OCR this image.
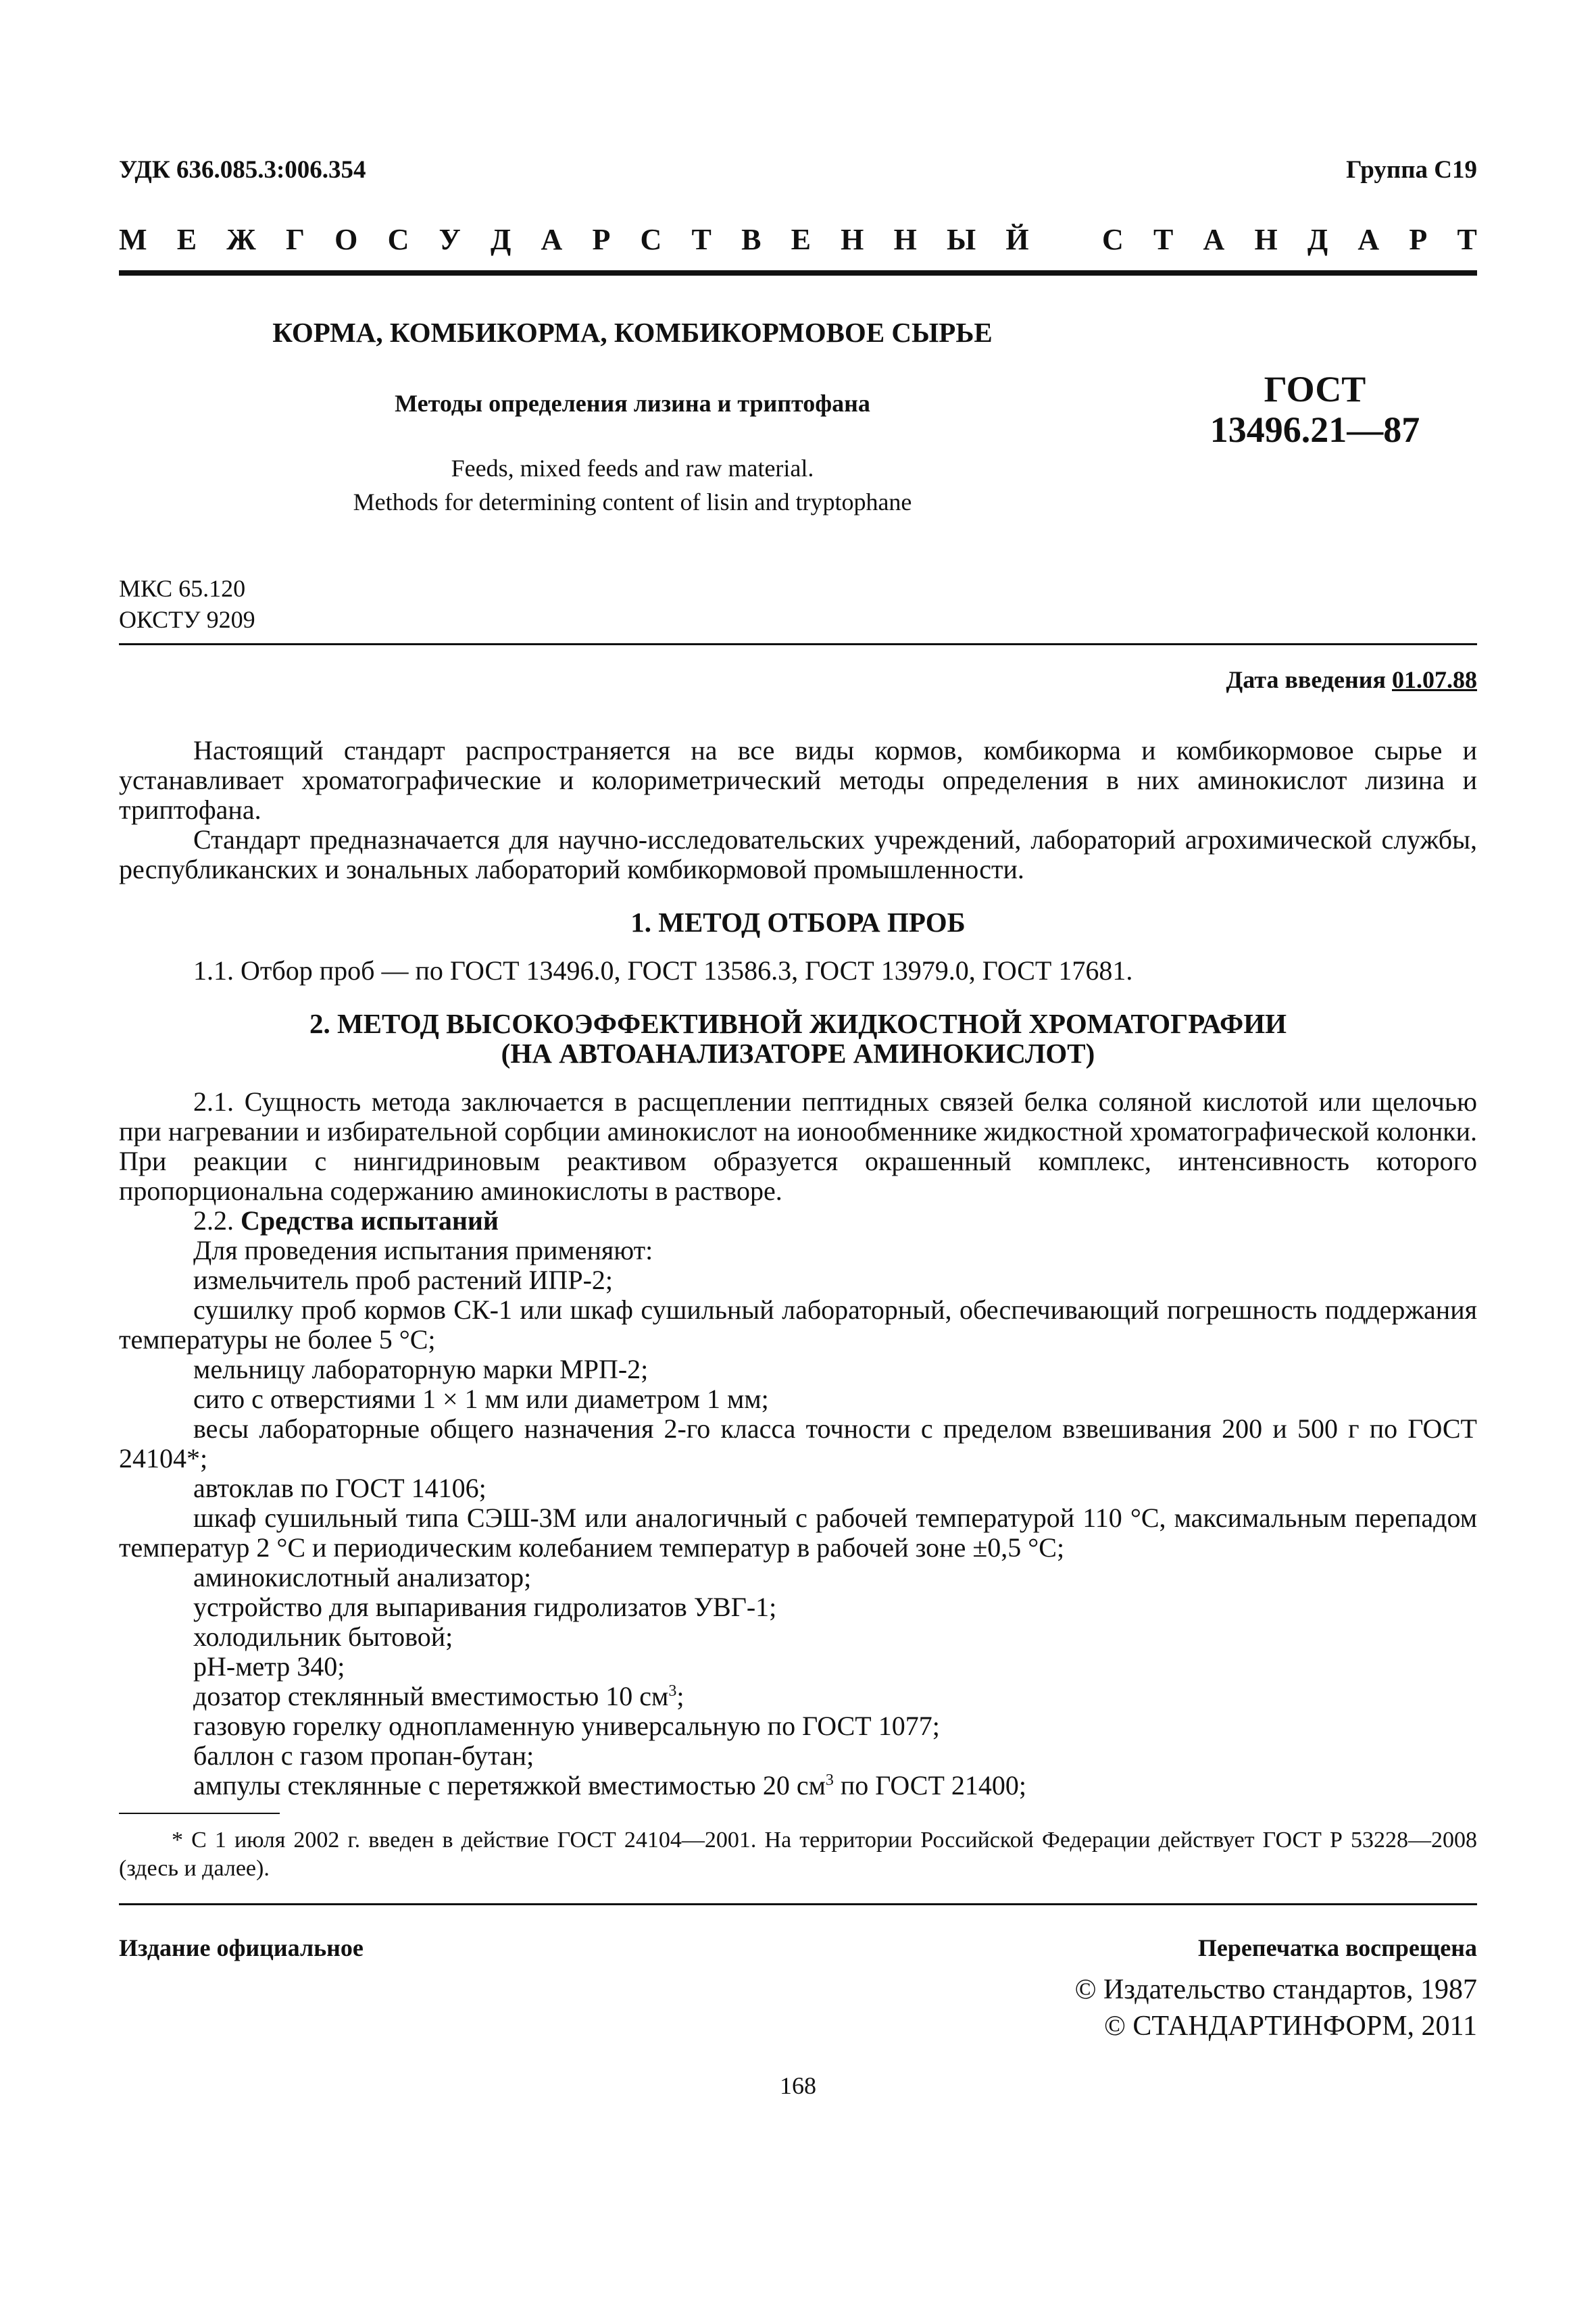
УДК 636.085.3:006.354	Группа С19
М Е Ж Г О С У Д А Р С Т В Е Н Н Ы Й С Т А Н Д А Р Т
КОРМА, КОМБИКОРМА, КОМБИКОРМОВОЕ СЫРЬЕ
Методы определения лизина и триптофана
Feeds, mixed feeds and raw material.
Methods for determining content of lisin and tryptophane
ГОСТ
13496.21—87
МКС 65.120
ОКСТУ 9209
Дата введения 01.07.88

Настоящий стандарт распространяется на все виды кормов, комбикорма и комбикормовое сырье и устанавливает хроматографические и колориметрический методы определения в них аминокислот лизина и триптофана.

Стандарт предназначается для научно-исследовательских учреждений, лабораторий агрохимической службы, республиканских и зональных лабораторий комбикормовой промышленности.

1. МЕТОД ОТБОРА ПРОБ

1.1. Отбор проб — по ГОСТ 13496.0, ГОСТ 13586.3, ГОСТ 13979.0, ГОСТ 17681.

2. МЕТОД ВЫСОКОЭФФЕКТИВНОЙ ЖИДКОСТНОЙ ХРОМАТОГРАФИИ
(НА АВТОАНАЛИЗАТОРЕ АМИНОКИСЛОТ)

2.1. Сущность метода заключается в расщеплении пептидных связей белка соляной кислотой или щелочью при нагревании и избирательной сорбции аминокислот на ионообменнике жидкостной хроматографической колонки. При реакции с нингидриновым реактивом образуется окрашенный комплекс, интенсивность которого пропорциональна содержанию аминокислоты в растворе.

2.2. Средства испытаний

Для проведения испытания применяют:

измельчитель проб растений ИПР-2;

сушилку проб кормов СК-1 или шкаф сушильный лабораторный, обеспечивающий погрешность поддержания температуры не более 5 °С;

мельницу лабораторную марки МРП-2;

сито с отверстиями 1 × 1 мм или диаметром 1 мм;

весы лабораторные общего назначения 2-го класса точности с пределом взвешивания 200 и 500 г по ГОСТ 24104*;

автоклав по ГОСТ 14106;

шкаф сушильный типа СЭШ-3М или аналогичный с рабочей температурой 110 °С, максимальным перепадом температур 2 °С и периодическим колебанием температур в рабочей зоне ±0,5 °С;

аминокислотный анализатор;

устройство для выпаривания гидролизатов УВГ-1;

холодильник бытовой;

рН-метр 340;

дозатор стеклянный вместимостью 10 $см^3$;

газовую горелку однопламенную универсальную по ГОСТ 1077;

баллон с газом пропан-бутан;

ампулы стеклянные с перетяжкой вместимостью 20 $см^3$ по ГОСТ 21400;

* С 1 июля 2002 г. введен в действие ГОСТ 24104—2001. На территории Российской Федерации действует ГОСТ Р 53228—2008 (здесь и далее).
Издание официальное	Перепечатка воспрещена
© Издательство стандартов, 1987
© СТАНДАРТИНФОРМ, 2011
168
